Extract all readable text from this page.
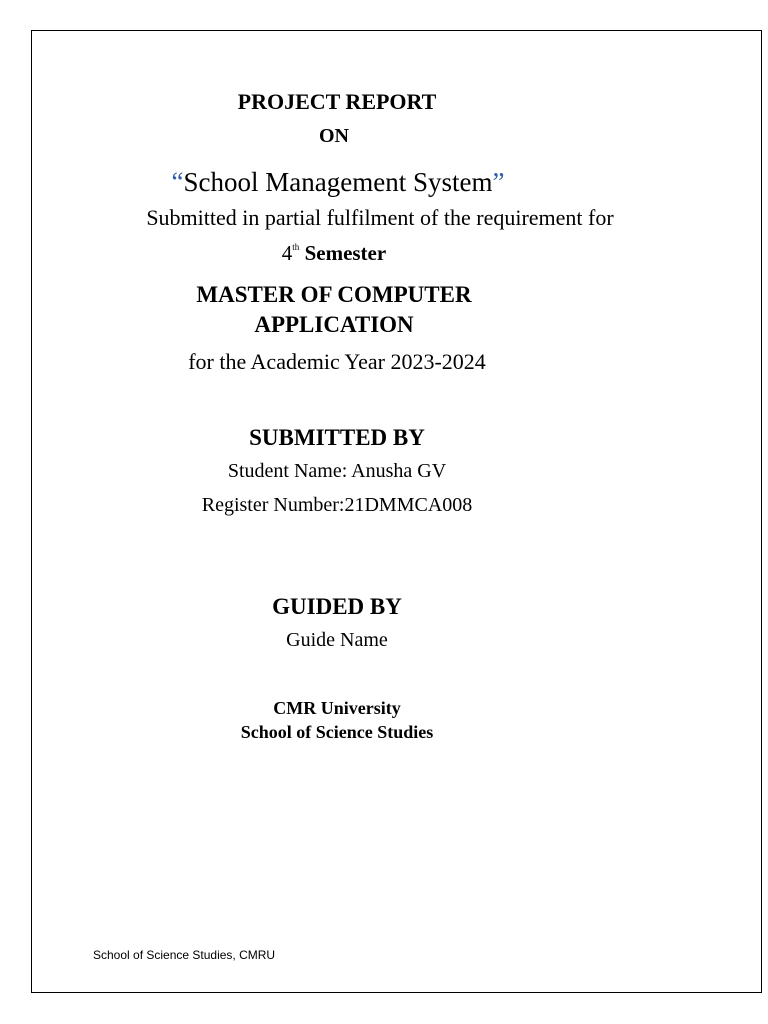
PROJECT REPORT
ON
“School Management System”
Submitted in partial fulfilment of the requirement for
4th Semester
MASTER OF COMPUTER
APPLICATION
for the Academic Year 2023-2024
SUBMITTED BY
Student Name: Anusha GV
Register Number:21DMMCA008
GUIDED BY
Guide Name
CMR University
School of Science Studies
School of Science Studies, CMRU
